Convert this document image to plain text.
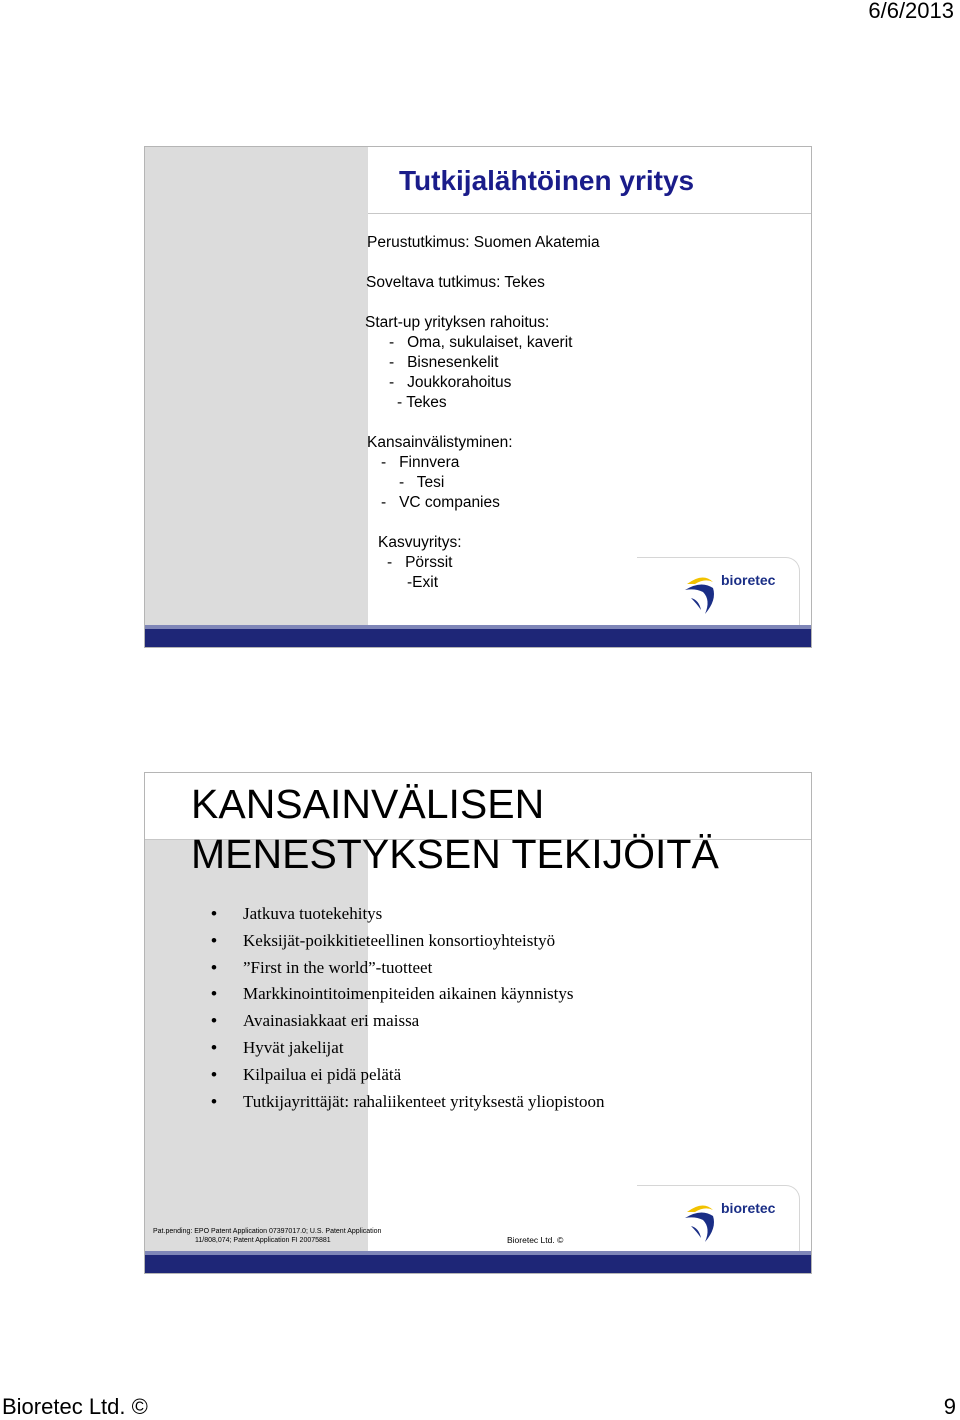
6/6/2013
Tutkijalähtöinen yritys
Perustutkimus: Suomen Akatemia
Soveltava tutkimus: Tekes
Start-up yrityksen rahoitus:
-   Oma, sukulaiset, kaverit
-   Bisnesenkelit
-   Joukkorahoitus
- Tekes
Kansainvälistyminen:
-   Finnvera
-   Tesi
-   VC companies
Kasvuyritys:
-   Pörssit
-Exit	bioretec
KANSAINVÄLISEN
MENESTYKSEN TEKIJÖITÄ
• Jatkuva tuotekehitys
• Keksijät-poikkitieteellinen konsortioyhteistyö
• ”First in the world”-tuotteet
• Markkinointitoimenpiteiden aikainen käynnistys
• Avainasiakkaat eri maissa
• Hyvät jakelijat
• Kilpailua ei pidä pelätä
• Tutkijayrittäjät: rahaliikenteet yrityksestä yliopistoon
Pat.pending: EPO Patent Application 07397017.0; U.S. Patent Application
11/808,074; Patent Application FI 20075881	Bioretec Ltd. ©
bioretec
Bioretec Ltd. ©	9
